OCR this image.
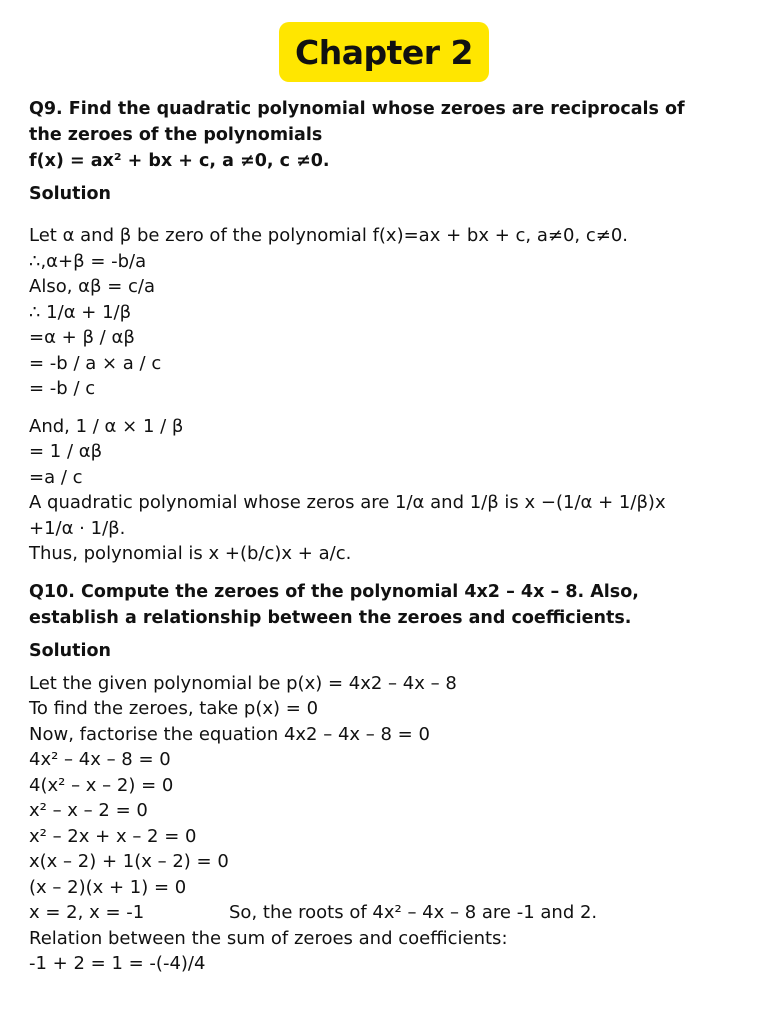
Chapter 2

Q9. Find the quadratic polynomial whose zeroes are reciprocals of

the zeroes of the polynomials

f(x) = ax² + bx + c, a ≠0, c ≠0.

Solution

Let α and β be zero of the polynomial f(x)=ax + bx + c, a≠0, c≠0.

∴,α+β = -b/a

Also, αβ = c/a

∴ 1/α + 1/β

=α + β / αβ

= -b / a × a / c

= -b / c

And, 1 / α × 1 / β

= 1 / αβ

=a / c

A quadratic polynomial whose zeros are 1/α and 1/β is x −(1/α + 1/β)x

+1/α · 1/β.

Thus, polynomial is x +(b/c)x + a/c.

Q10. Compute the zeroes of the polynomial 4x2 – 4x – 8. Also,

establish a relationship between the zeroes and coefficients.

Solution

Let the given polynomial be p(x) = 4x2 – 4x – 8

To find the zeroes, take p(x) = 0

Now, factorise the equation 4x2 – 4x – 8 = 0

4x² – 4x – 8 = 0

4(x² – x – 2) = 0

x² – x – 2 = 0

x² – 2x + x – 2 = 0

x(x – 2) + 1(x – 2) = 0

(x – 2)(x + 1) = 0

x = 2, x = -1	So, the roots of 4x² – 4x – 8 are -1 and 2.

Relation between the sum of zeroes and coefficients:

-1 + 2 = 1 = -(-4)/4
